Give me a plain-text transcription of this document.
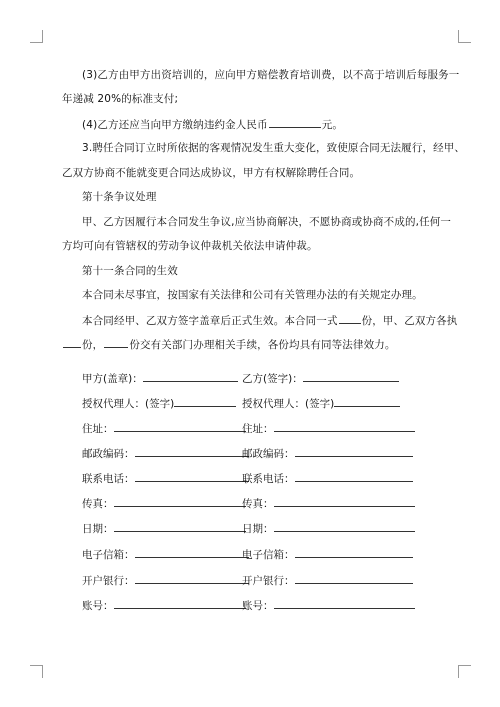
(3)乙方由甲方出资培训的，应向甲方赔偿教育培训费，以不高于培训后每服务一
年递减 20%的标准支付;
(4)乙方还应当向甲方缴纳违约金人民币	元。
3.聘任合同订立时所依据的客观情况发生重大变化，致使原合同无法履行，经甲、
乙双方协商不能就变更合同达成协议，甲方有权解除聘任合同。
第十条争议处理
甲、乙方因履行本合同发生争议,应当协商解决，不愿协商或协商不成的,任何一
方均可向有管辖权的劳动争议仲裁机关依法申请仲裁。
第十一条合同的生效
本合同未尽事宜，按国家有关法律和公司有关管理办法的有关规定办理。
本合同经甲、乙双方签字盖章后正式生效。本合同一式 份，甲、乙双方各执
份， 份交有关部门办理相关手续，各份均具有同等法律效力。
甲方(盖章)：	乙方(签字)：
授权代理人：(签字)	授权代理人：(签字)
住址：	住址：
邮政编码：	邮政编码：
联系电话：	联系电话：
传真：	传真：
日期：	日期：
电子信箱：	电子信箱：
开户银行：	开户银行：
账号：	账号：
